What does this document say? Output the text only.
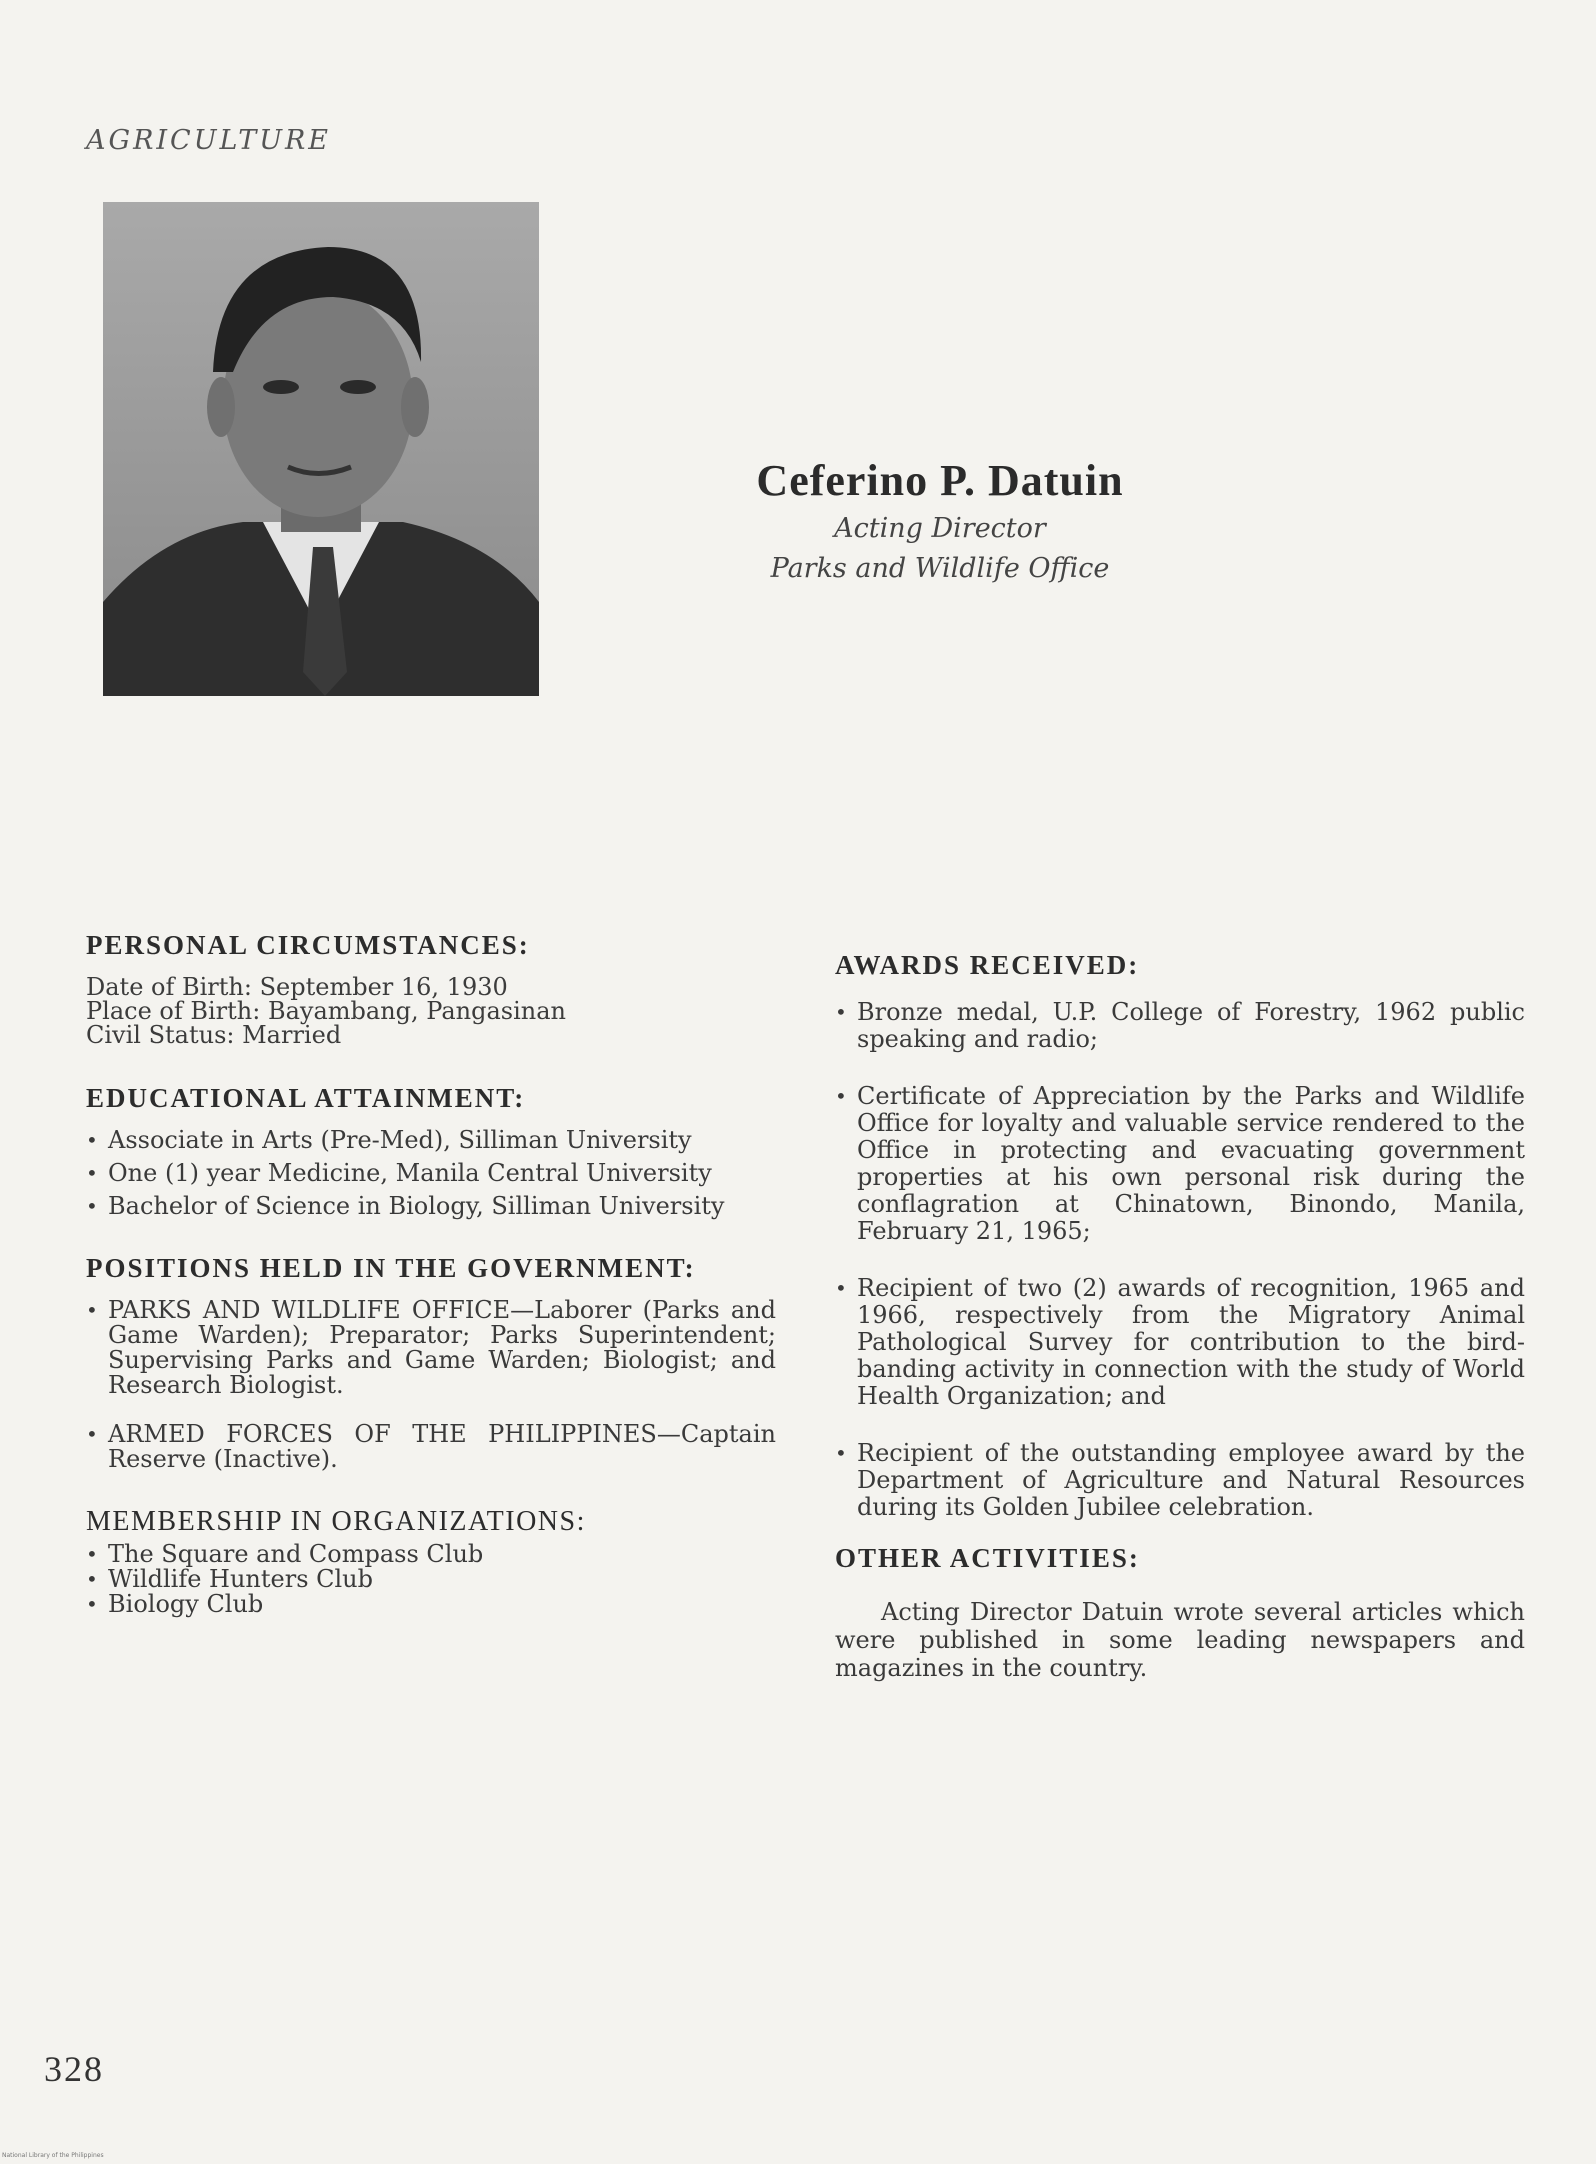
AGRICULTURE
Ceferino P. Datuin
Acting Director
Parks and Wildlife Office
PERSONAL CIRCUMSTANCES:
Date of Birth: September 16, 1930
Place of Birth: Bayambang, Pangasinan
Civil Status: Married
EDUCATIONAL ATTAINMENT:
• Associate in Arts (Pre-Med), Silliman University
• One (1) year Medicine, Manila Central University
• Bachelor of Science in Biology, Silliman University
POSITIONS HELD IN THE GOVERNMENT:
• PARKS AND WILDLIFE OFFICE—Laborer (Parks and Game Warden); Preparator; Parks Superintendent; Supervising Parks and Game Warden; Biologist; and Research Biologist.
• ARMED FORCES OF THE PHILIPPINES—Captain Reserve (Inactive).
MEMBERSHIP IN ORGANIZATIONS:
• The Square and Compass Club
• Wildlife Hunters Club
• Biology Club
AWARDS RECEIVED:
• Bronze medal, U.P. College of Forestry, 1962 public speaking and radio;
• Certificate of Appreciation by the Parks and Wildlife Office for loyalty and valuable service rendered to the Office in protecting and evacuating government properties at his own personal risk during the conflagration at Chinatown, Binondo, Manila, February 21, 1965;
• Recipient of two (2) awards of recognition, 1965 and 1966, respectively from the Migratory Animal Pathological Survey for contribution to the bird-banding activity in connection with the study of World Health Organization; and
• Recipient of the outstanding employee award by the Department of Agriculture and Natural Resources during its Golden Jubilee celebration.
OTHER ACTIVITIES:
Acting Director Datuin wrote several articles which were published in some leading newspapers and magazines in the country.
328
National Library of the Philippines
